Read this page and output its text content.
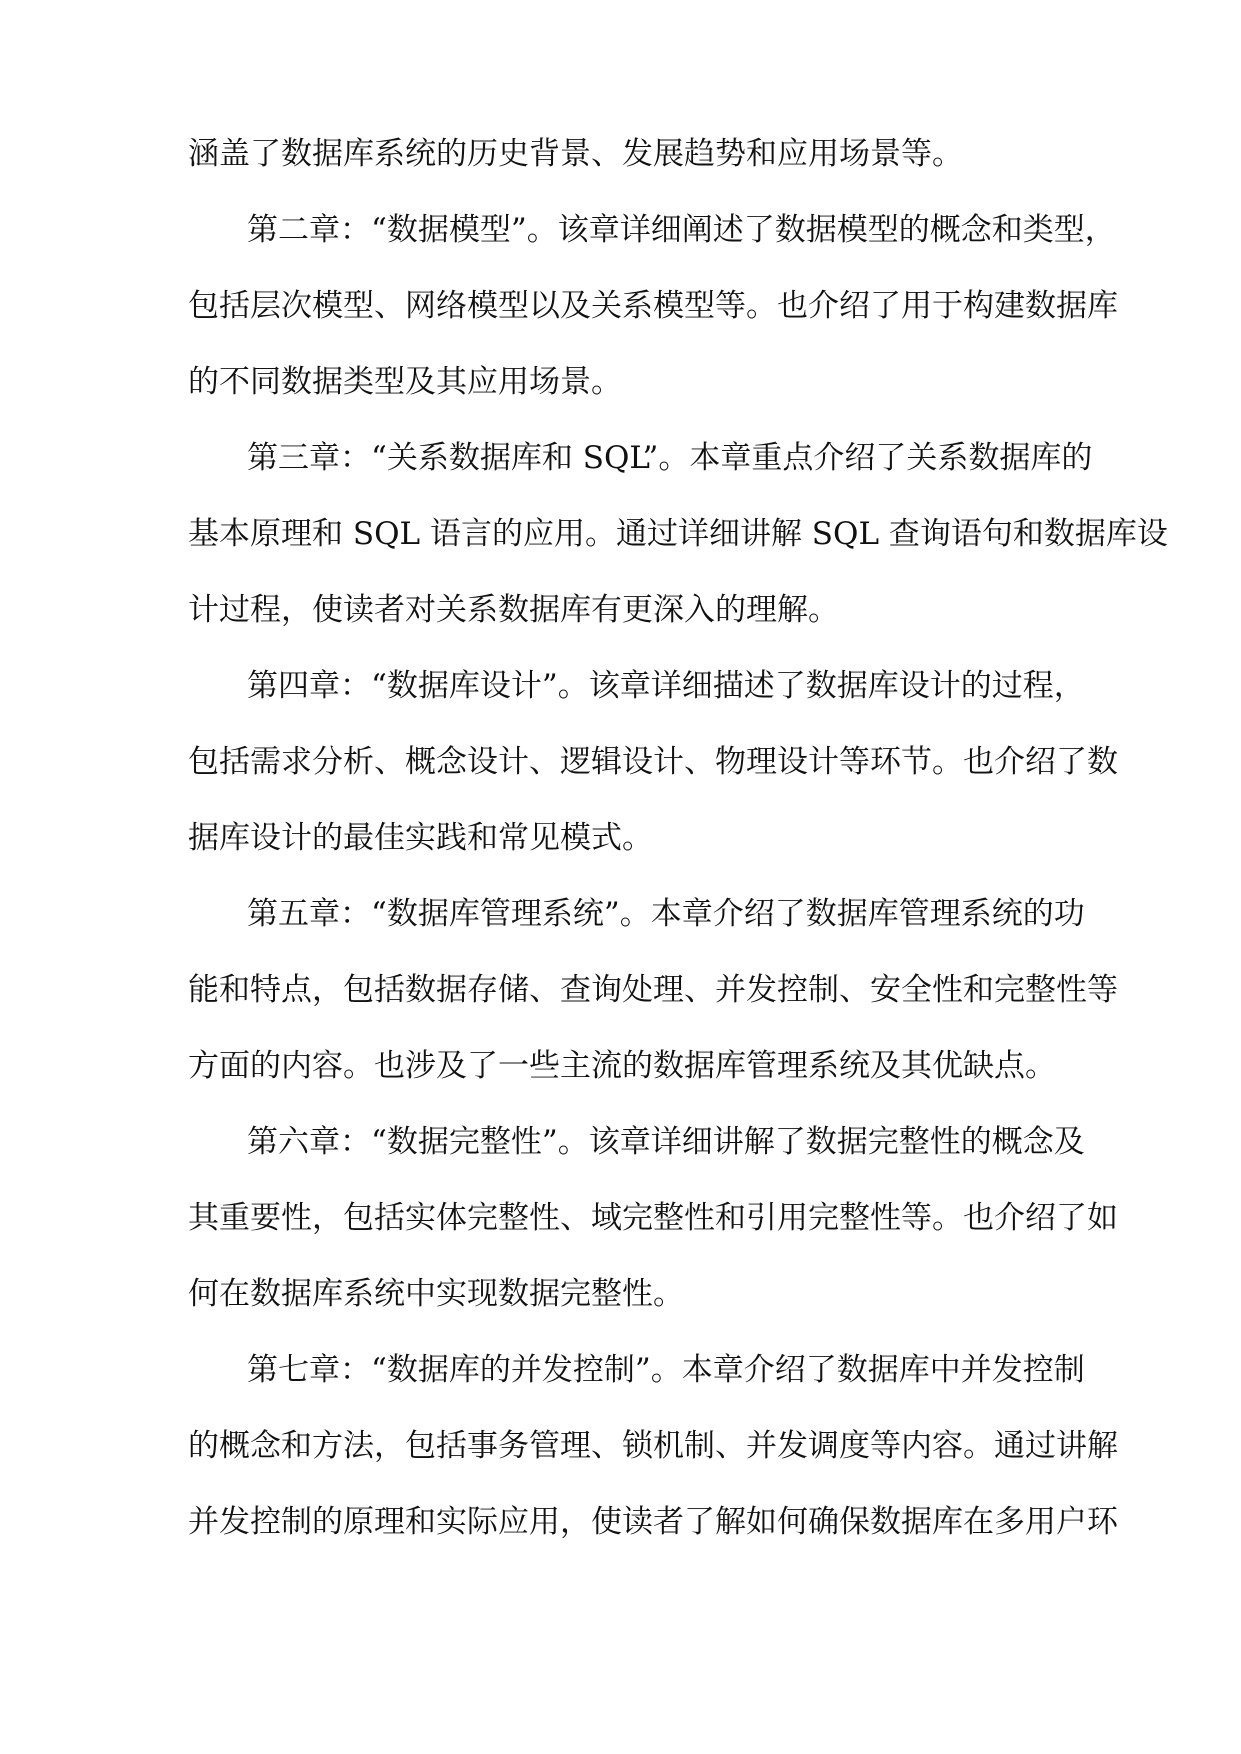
涵盖了数据库系统的历史背景、发展趋势和应用场景等。
第二章：“数据模型”。该章详细阐述了数据模型的概念和类型，
包括层次模型、网络模型以及关系模型等。也介绍了用于构建数据库
的不同数据类型及其应用场景。
第三章：“关系数据库和 SQL”。本章重点介绍了关系数据库的
基本原理和 SQL 语言的应用。通过详细讲解 SQL 查询语句和数据库设
计过程，使读者对关系数据库有更深入的理解。
第四章：“数据库设计”。该章详细描述了数据库设计的过程，
包括需求分析、概念设计、逻辑设计、物理设计等环节。也介绍了数
据库设计的最佳实践和常见模式。
第五章：“数据库管理系统”。本章介绍了数据库管理系统的功
能和特点，包括数据存储、查询处理、并发控制、安全性和完整性等
方面的内容。也涉及了一些主流的数据库管理系统及其优缺点。
第六章：“数据完整性”。该章详细讲解了数据完整性的概念及
其重要性，包括实体完整性、域完整性和引用完整性等。也介绍了如
何在数据库系统中实现数据完整性。
第七章：“数据库的并发控制”。本章介绍了数据库中并发控制
的概念和方法，包括事务管理、锁机制、并发调度等内容。通过讲解
并发控制的原理和实际应用，使读者了解如何确保数据库在多用户环
